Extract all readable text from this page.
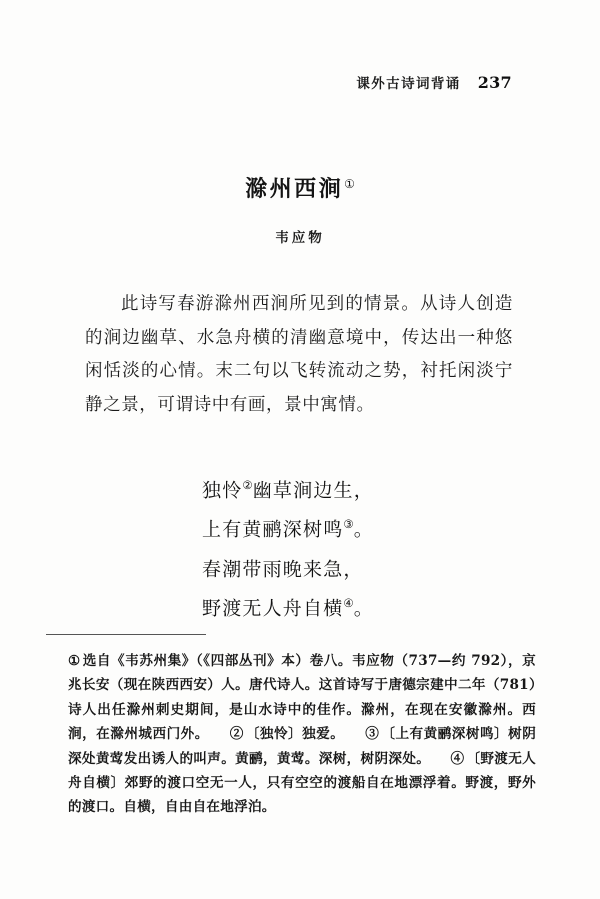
课外古诗词背诵 237
滁州西涧①
韦应物
此诗写春游滁州西涧所见到的情景。从诗人创造的涧边幽草、水急舟横的清幽意境中，传达出一种悠闲恬淡的心情。末二句以飞转流动之势，衬托闲淡宁静之景，可谓诗中有画，景中寓情。
独怜②幽草涧边生，
上有黄鹂深树鸣③。
春潮带雨晚来急，
野渡无人舟自横④。
① 选自《韦苏州集》（《四部丛刊》本）卷八。韦应物（737—约 792），京兆长安（现在陕西西安）人。唐代诗人。这首诗写于唐德宗建中二年（781）诗人出任滁州刺史期间，是山水诗中的佳作。滁州，在现在安徽滁州。西涧，在滁州城西门外。 ② 〔独怜〕独爱。 ③ 〔上有黄鹂深树鸣〕树阴深处黄莺发出诱人的叫声。黄鹂，黄莺。深树，树阴深处。 ④ 〔野渡无人舟自横〕郊野的渡口空无一人，只有空空的渡船自在地漂浮着。野渡，野外的渡口。自横，自由自在地浮泊。
